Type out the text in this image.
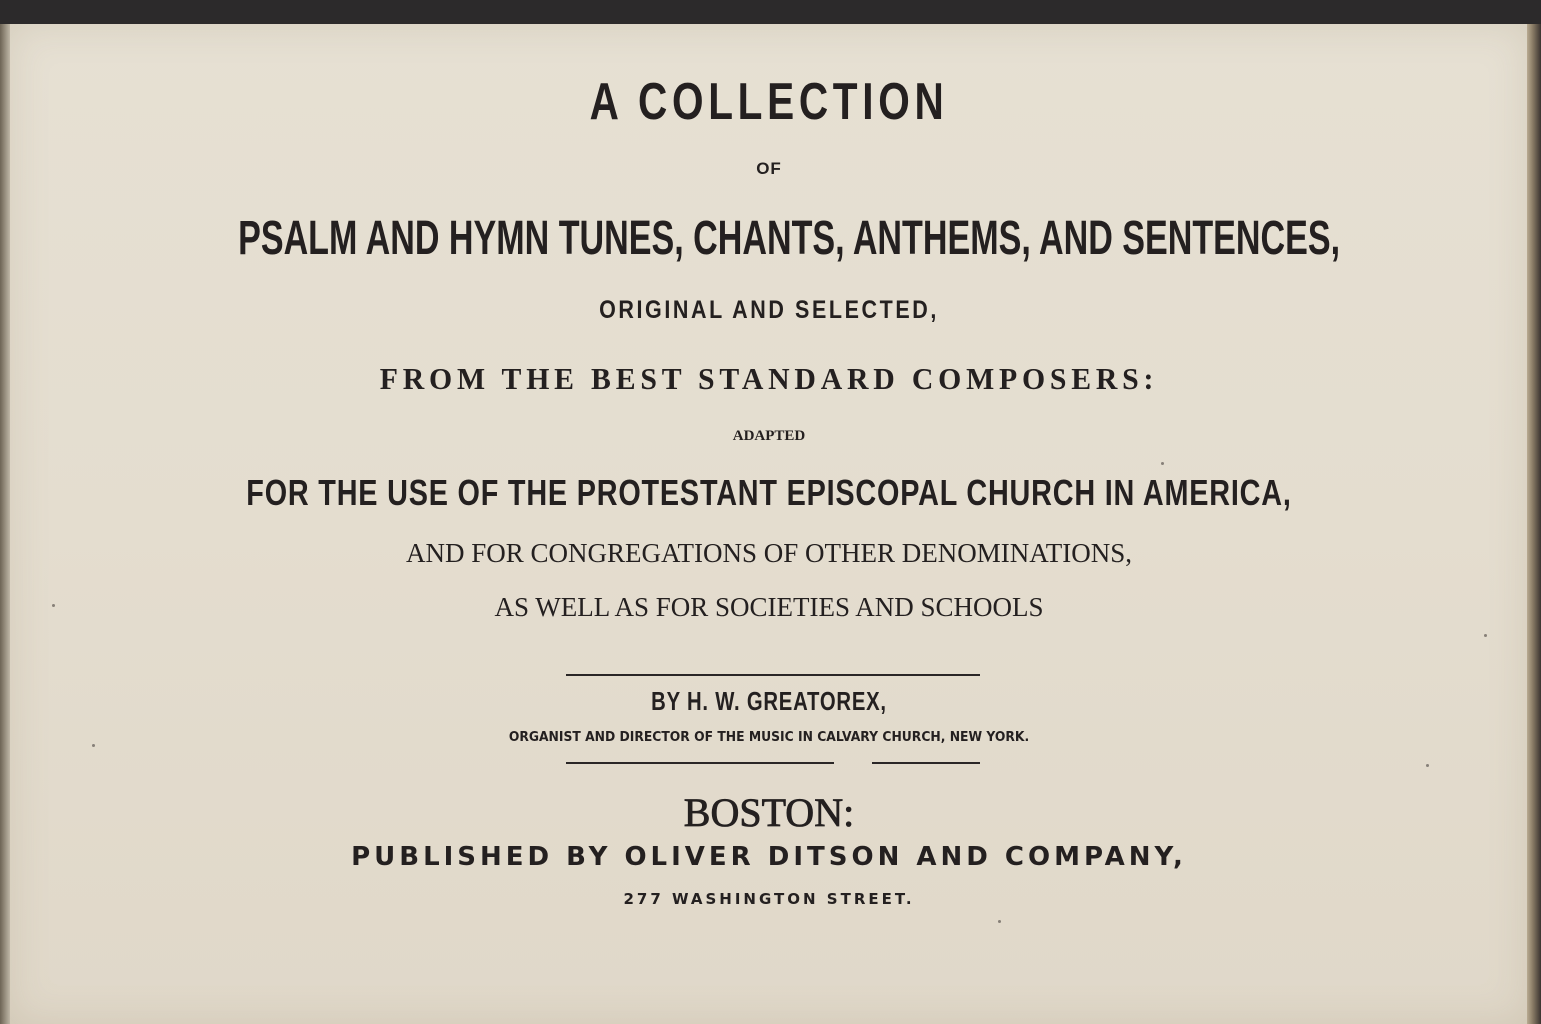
A COLLECTION
OF
PSALM AND HYMN TUNES, CHANTS, ANTHEMS, AND SENTENCES,
ORIGINAL AND SELECTED,
FROM THE BEST STANDARD COMPOSERS:
ADAPTED
FOR THE USE OF THE PROTESTANT EPISCOPAL CHURCH IN AMERICA,
AND FOR CONGREGATIONS OF OTHER DENOMINATIONS,
AS WELL AS FOR SOCIETIES AND SCHOOLS
BY H. W. GREATOREX,
ORGANIST AND DIRECTOR OF THE MUSIC IN CALVARY CHURCH, NEW YORK.
BOSTON:
PUBLISHED BY OLIVER DITSON AND COMPANY,
277 WASHINGTON STREET.
